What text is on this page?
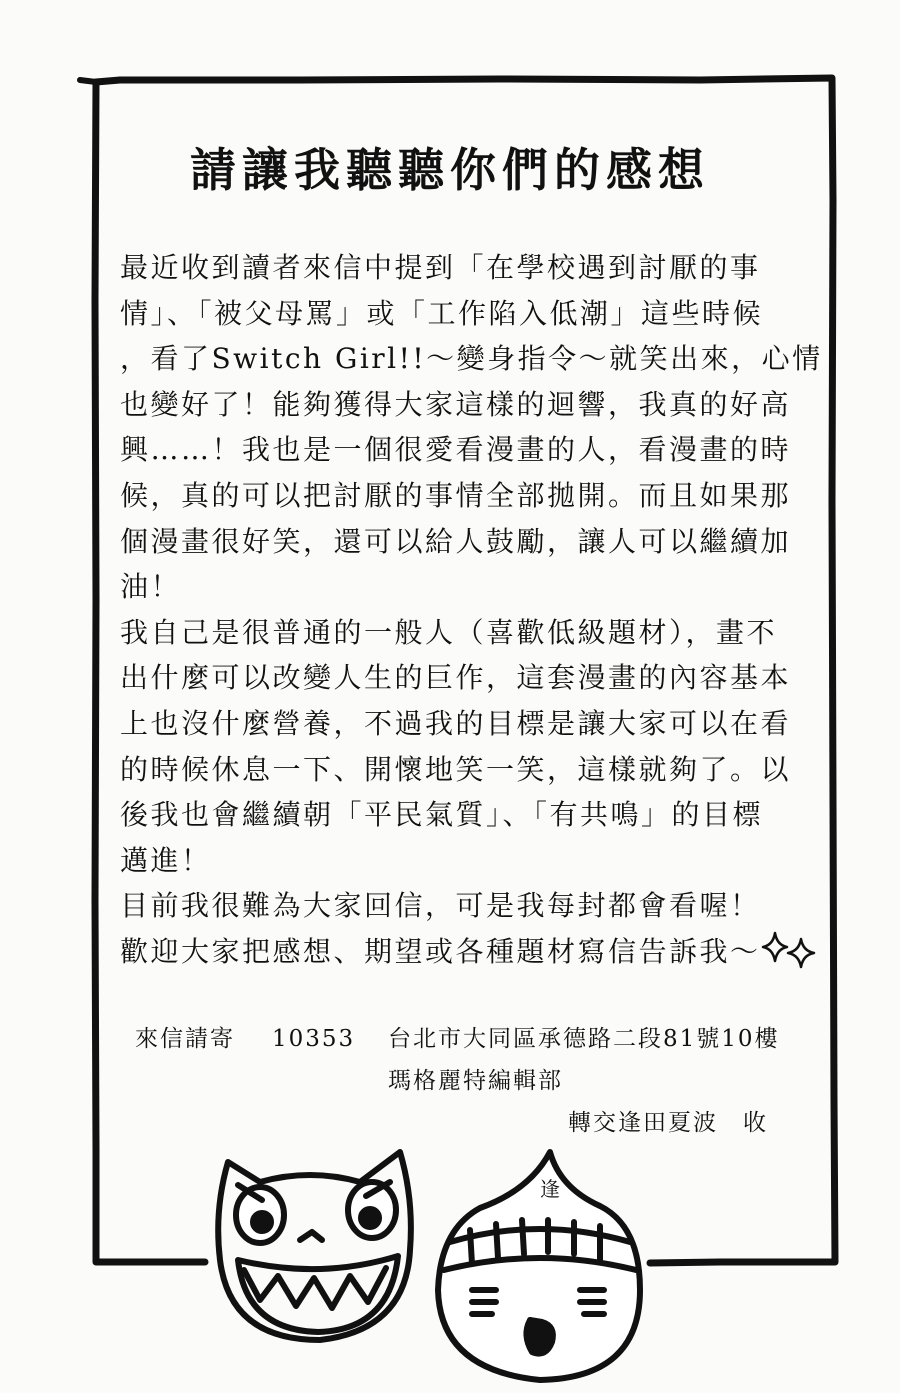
請讓我聽聽你們的感想
最近收到讀者來信中提到「在學校遇到討厭的事
情」、「被父母罵」或「工作陷入低潮」這些時候
，看了Switch Girl!!～變身指令～就笑出來，心情
也變好了！能夠獲得大家這樣的迴響，我真的好高
興……！我也是一個很愛看漫畫的人，看漫畫的時
候，真的可以把討厭的事情全部拋開。而且如果那
個漫畫很好笑，還可以給人鼓勵，讓人可以繼續加
油！
我自己是很普通的一般人（喜歡低級題材），畫不
出什麼可以改變人生的巨作，這套漫畫的內容基本
上也沒什麼營養，不過我的目標是讓大家可以在看
的時候休息一下、開懷地笑一笑，這樣就夠了。以
後我也會繼續朝「平民氣質」、「有共鳴」的目標
邁進！
目前我很難為大家回信，可是我每封都會看喔！
歡迎大家把感想、期望或各種題材寫信告訴我～
來信請寄 10353 台北市大同區承德路二段81號10樓
瑪格麗特編輯部
轉交逢田夏波　收
逢
